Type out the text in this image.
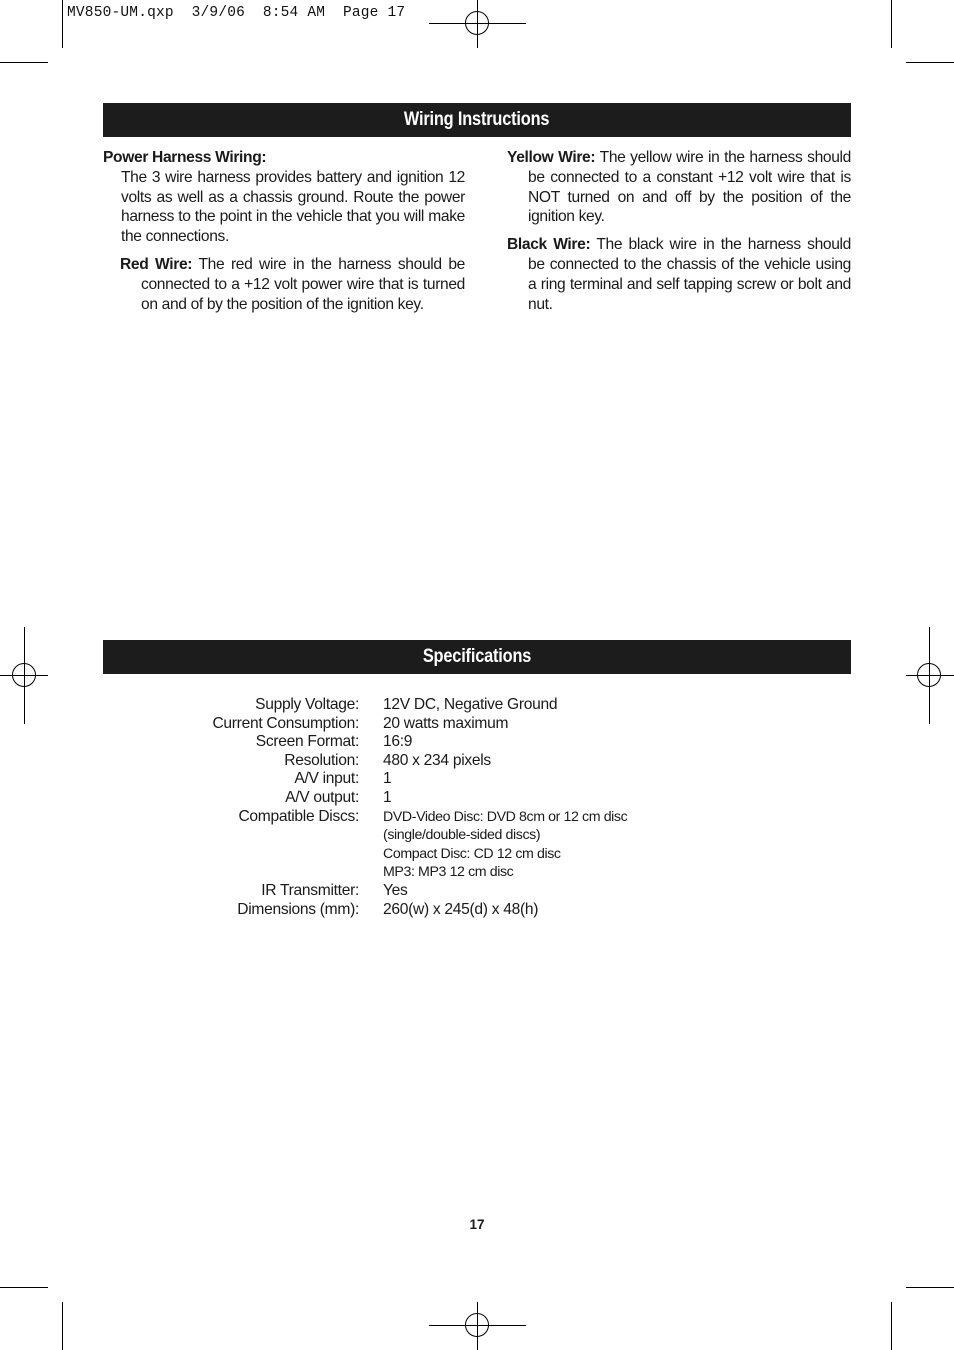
MV850-UM.qxp  3/9/06  8:54 AM  Page 17
Wiring Instructions
Power Harness Wiring:
The 3 wire harness provides battery and ignition 12 volts as well as a chassis ground. Route the power harness to the point in the vehicle that you will make the connections.
Red Wire: The red wire in the harness should be connected to a +12 volt power wire that is turned on and of by the position of the ignition key.
Yellow Wire: The yellow wire in the harness should be connected to a constant +12 volt wire that is NOT turned on and off by the position of the ignition key.
Black Wire: The black wire in the harness should be connected to the chassis of the vehicle using a ring terminal and self tapping screw or bolt and nut.
Specifications
Supply Voltage:	12V DC, Negative Ground
Current Consumption:	20 watts maximum
Screen Format:	16:9
Resolution:	480 x 234 pixels
A/V input:	1
A/V output:	1
Compatible Discs:	DVD-Video Disc: DVD 8cm or 12 cm disc
(single/double-sided discs)
Compact Disc: CD 12 cm disc
MP3: MP3 12 cm disc
IR Transmitter:	Yes
Dimensions (mm):	260(w) x 245(d) x 48(h)
17
